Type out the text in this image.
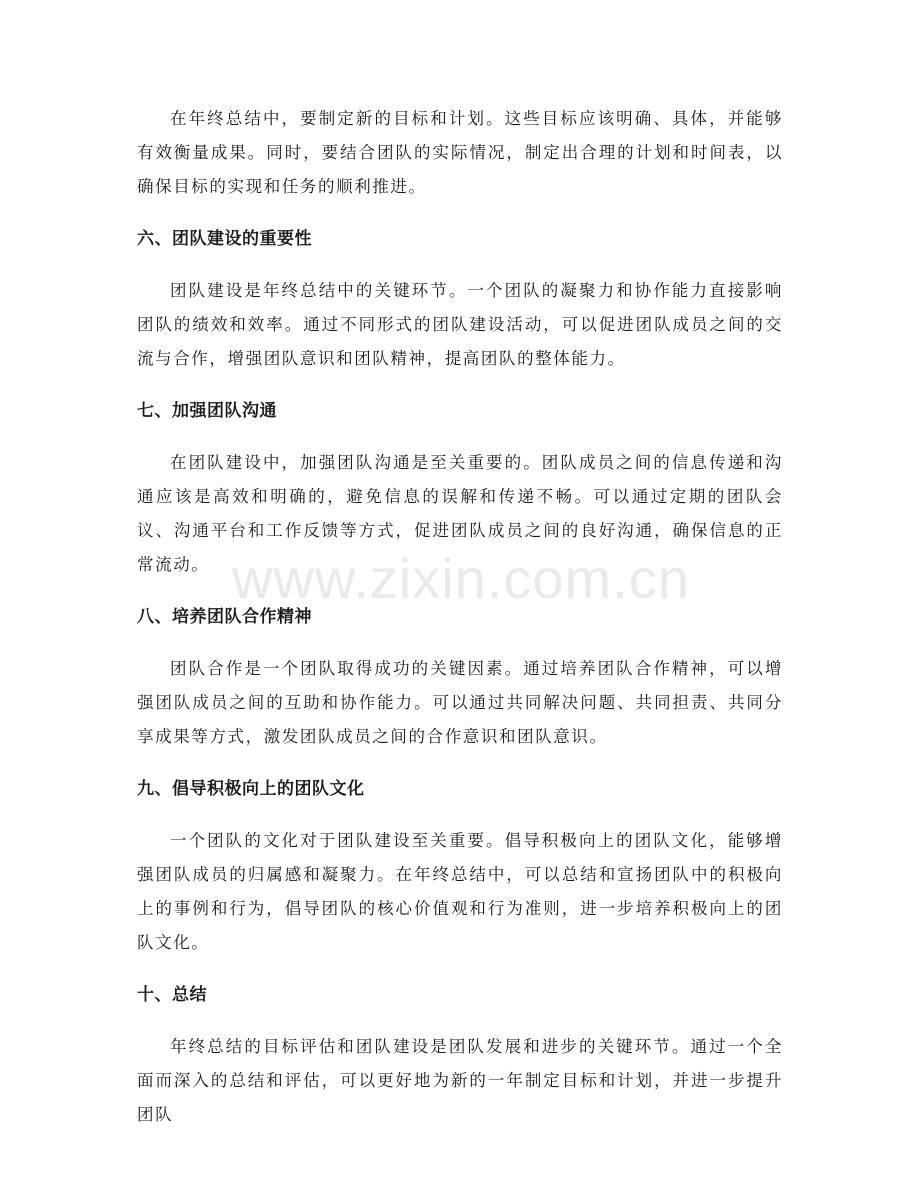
在年终总结中，要制定新的目标和计划。这些目标应该明确、具体，并能够有效衡量成果。同时，要结合团队的实际情况，制定出合理的计划和时间表，以确保目标的实现和任务的顺利推进。

六、团队建设的重要性

团队建设是年终总结中的关键环节。一个团队的凝聚力和协作能力直接影响团队的绩效和效率。通过不同形式的团队建设活动，可以促进团队成员之间的交流与合作，增强团队意识和团队精神，提高团队的整体能力。

七、加强团队沟通

在团队建设中，加强团队沟通是至关重要的。团队成员之间的信息传递和沟通应该是高效和明确的，避免信息的误解和传递不畅。可以通过定期的团队会议、沟通平台和工作反馈等方式，促进团队成员之间的良好沟通，确保信息的正常流动。

八、培养团队合作精神

团队合作是一个团队取得成功的关键因素。通过培养团队合作精神，可以增强团队成员之间的互助和协作能力。可以通过共同解决问题、共同担责、共同分享成果等方式，激发团队成员之间的合作意识和团队意识。

九、倡导积极向上的团队文化

一个团队的文化对于团队建设至关重要。倡导积极向上的团队文化，能够增强团队成员的归属感和凝聚力。在年终总结中，可以总结和宣扬团队中的积极向上的事例和行为，倡导团队的核心价值观和行为准则，进一步培养积极向上的团队文化。

十、总结

年终总结的目标评估和团队建设是团队发展和进步的关键环节。通过一个全面而深入的总结和评估，可以更好地为新的一年制定目标和计划，并进一步提升团队

www.zixin.com.cn
